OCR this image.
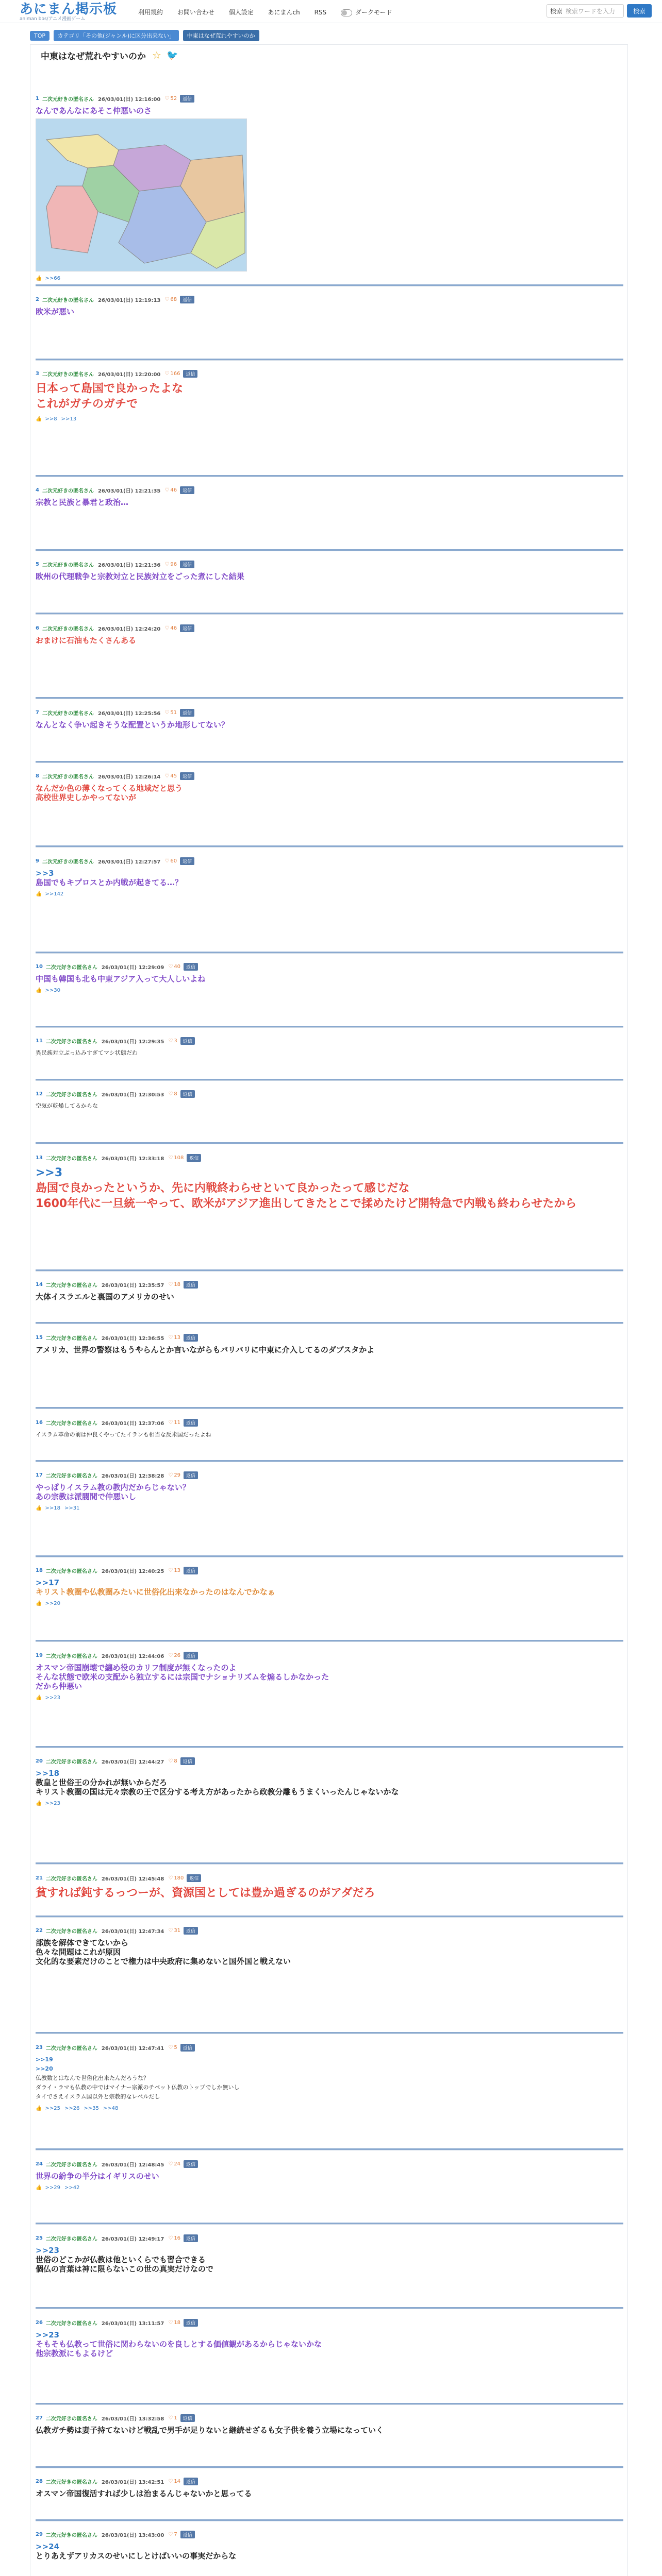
あにまん掲示板
animan bbs/アニメ漫画ゲーム
利用規約 お問い合わせ 個人設定 あにまんch RSS	ダークモード	検索 検索ワードを入力	検索
TOP カテゴリ「その他(ジャンル)に区分出来ない」 中東はなぜ荒れやすいのか
中東はなぜ荒れやすいのか ☆ 🐦
1 二次元好きの匿名さん 26/03/01(日) 12:16:00	♡ 52	返信
なんであんなにあそこ仲悪いのさ
👍 >>66
2 二次元好きの匿名さん 26/03/01(日) 12:19:13	♡ 68	返信
欧米が悪い
3 二次元好きの匿名さん 26/03/01(日) 12:20:00	♡ 166	返信
日本って島国で良かったよな
これがガチのガチで
👍 >>8 >>13
4 二次元好きの匿名さん 26/03/01(日) 12:21:35	♡ 46	返信
宗教と民族と暴君と政治…
5 二次元好きの匿名さん 26/03/01(日) 12:21:36	♡ 96	返信
欧州の代理戦争と宗教対立と民族対立をごった煮にした結果
6 二次元好きの匿名さん 26/03/01(日) 12:24:20	♡ 46	返信
おまけに石油もたくさんある
7 二次元好きの匿名さん 26/03/01(日) 12:25:56	♡ 51	返信
なんとなく争い起きそうな配置というか地形してない？
8 二次元好きの匿名さん 26/03/01(日) 12:26:14	♡ 45	返信
なんだか色の薄くなってくる地域だと思う
高校世界史しかやってないが
9 二次元好きの匿名さん 26/03/01(日) 12:27:57	♡ 60	返信
>>3
島国でもキプロスとか内戦が起きてる…？
👍 >>142
10 二次元好きの匿名さん 26/03/01(日) 12:29:09	♡ 40	返信
中国も韓国も北も中東アジア入って大人しいよね
👍 >>30
11 二次元好きの匿名さん 26/03/01(日) 12:29:35	♡ 3	返信
異民族対立ぶっ込みすぎてマシ状態だわ
12 二次元好きの匿名さん 26/03/01(日) 12:30:53	♡ 8	返信
空気が乾燥してるからな
13 二次元好きの匿名さん 26/03/01(日) 12:33:18	♡ 108	返信
>>3
島国で良かったというか、先に内戦終わらせといて良かったって感じだな
1600年代に一旦統一やって、欧米がアジア進出してきたとこで揉めたけど開特急で内戦も終わらせたから
14 二次元好きの匿名さん 26/03/01(日) 12:35:57	♡ 18	返信
大体イスラエルと裏国のアメリカのせい
15 二次元好きの匿名さん 26/03/01(日) 12:36:55	♡ 13	返信
アメリカ、世界の警察はもうやらんとか言いながらもバリバリに中東に介入してるのダブスタかよ
16 二次元好きの匿名さん 26/03/01(日) 12:37:06	♡ 11	返信
イスラム革命の前は仲良くやってたイランも相当な反米国だったよね
17 二次元好きの匿名さん 26/03/01(日) 12:38:28	♡ 29	返信
やっぱりイスラム教の教内だからじゃない？
あの宗教は派閥間で仲悪いし
👍 >>18 >>31
18 二次元好きの匿名さん 26/03/01(日) 12:40:25	♡ 13	返信
>>17
キリスト教圏や仏教圏みたいに世俗化出来なかったのはなんでかなぁ
👍 >>20
19 二次元好きの匿名さん 26/03/01(日) 12:44:06	♡ 26	返信
オスマン帝国崩壊で纏め役のカリフ制度が無くなったのよ
そんな状態で欧米の支配から独立するには宗国でナショナリズムを煽るしかなかった
だから仲悪い
👍 >>23
20 二次元好きの匿名さん 26/03/01(日) 12:44:27	♡ 8	返信
>>18
教皇と世俗王の分かれが無いからだろ
キリスト教圏の国は元々宗教の王で区分する考え方があったから政教分離もうまくいったんじゃないかな
👍 >>23
21 二次元好きの匿名さん 26/03/01(日) 12:45:48	♡ 180	返信
貧すれば鈍するっつーが、資源国としては豊か過ぎるのがアダだろ
22 二次元好きの匿名さん 26/03/01(日) 12:47:34	♡ 31	返信
部族を解体できてないから
色々な問題はこれが原因
文化的な要素だけのことで権力は中央政府に集めないと国外国と戦えない
23 二次元好きの匿名さん 26/03/01(日) 12:47:41	♡ 5	返信
>>19
>>20
仏教数とはなんで世俗化出来たんだろうな？
ダライ・ラマも仏教の中ではマイナー宗派のチベット仏教のトップでしか無いし
タイでさえイスラム国以外と宗教的なレベルだし
👍 >>25 >>26 >>35 >>48
24 二次元好きの匿名さん 26/03/01(日) 12:48:45	♡ 24	返信
世界の紛争の半分はイギリスのせい
👍 >>29 >>42
25 二次元好きの匿名さん 26/03/01(日) 12:49:17	♡ 16	返信
>>23
世俗のどこかが仏教は他といくらでも習合できる
個仏の言葉は神に限らないこの世の真実だけなので
26 二次元好きの匿名さん 26/03/01(日) 13:11:57	♡ 18	返信
>>23
そもそも仏教って世俗に関わらないのを良しとする価値観があるからじゃないかな
他宗教派にもよるけど
27 二次元好きの匿名さん 26/03/01(日) 13:32:58	♡ 1	返信
仏教ガチ勢は妻子持てないけど戦乱で男手が足りないと継続せざるも女子供を養う立場になっていく
28 二次元好きの匿名さん 26/03/01(日) 13:42:51	♡ 14	返信
オスマン帝国復活すれば少しは治まるんじゃないかと思ってる
29 二次元好きの匿名さん 26/03/01(日) 13:43:00	♡ 7	返信
>>24
とりあえずアリカスのせいにしとけばいいの事実だからな
